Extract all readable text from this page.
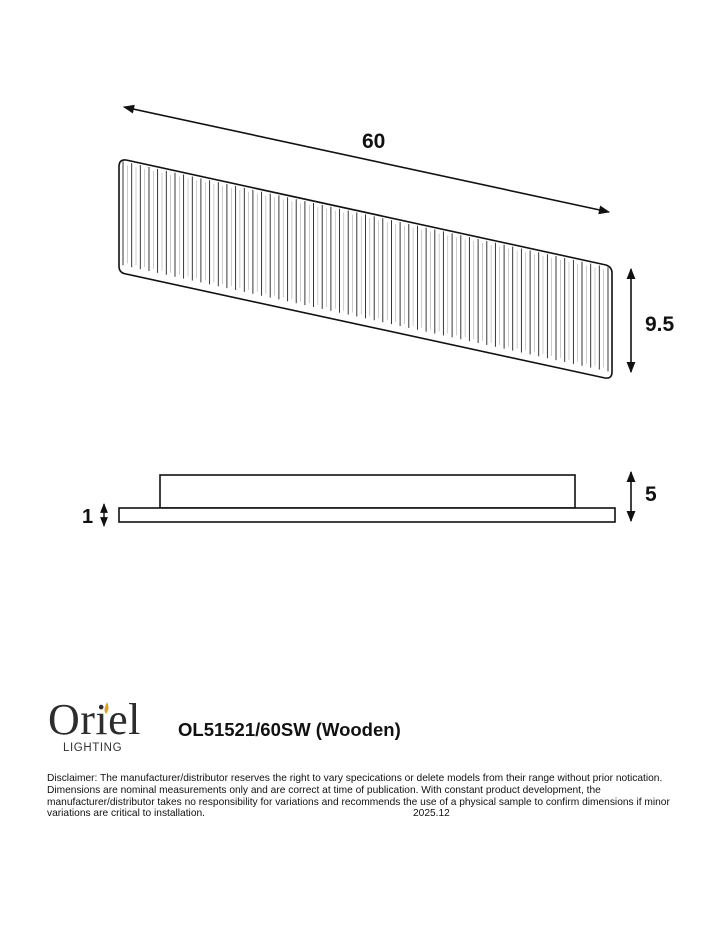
60
9.5
5
1
Oriel
LIGHTING
OL51521/60SW (Wooden)
Disclaimer: The manufacturer/distributor reserves the right to vary specications or delete models from their range without prior notication.
Dimensions are nominal measurements only and are correct at time of publication. With constant product development, the
manufacturer/distributor takes no responsibility for variations and recommends the use of a physical sample to confirm dimensions if minor
variations are critical to installation.	2025.12
